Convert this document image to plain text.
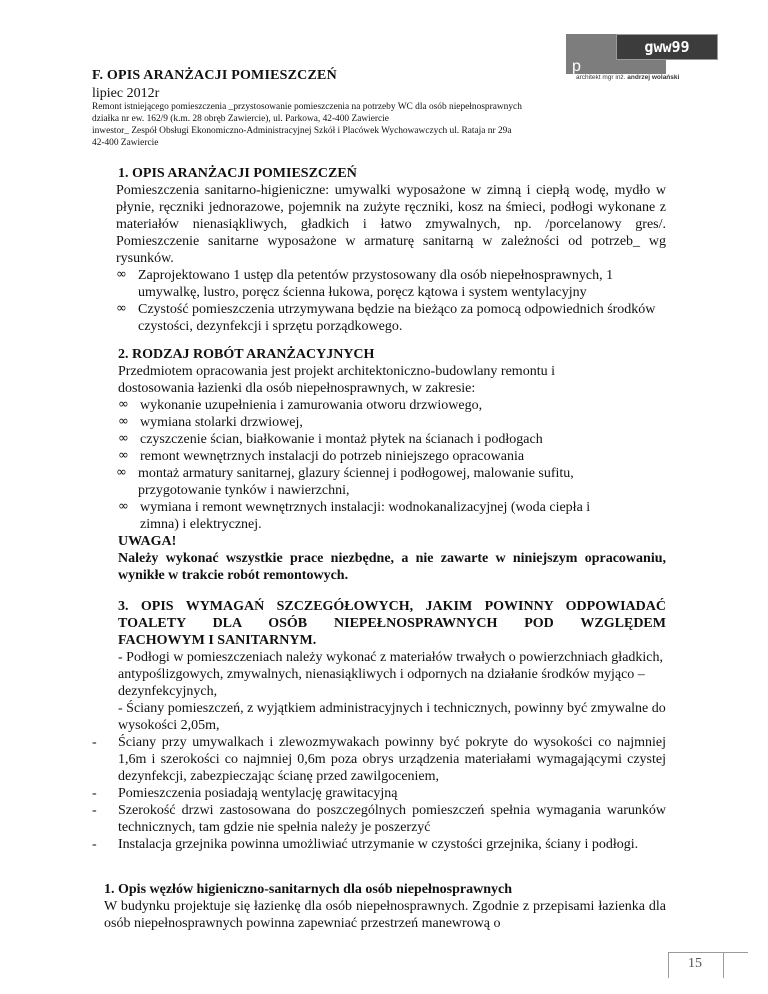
p
gww99
architekt mgr inż. andrzej wolański
F. OPIS ARANŻACJI POMIESZCZEŃ
lipiec 2012r
Remont istniejącego pomieszczenia _przystosowanie pomieszczenia na potrzeby WC dla osób niepełnosprawnych
działka nr ew. 162/9 (k.m. 28 obręb Zawiercie), ul. Parkowa, 42-400 Zawiercie
inwestor_ Zespół Obsługi Ekonomiczno-Administracyjnej Szkół i Placówek Wychowawczych ul. Rataja nr 29a
42-400 Zawiercie
1. OPIS ARANŻACJI POMIESZCZEŃ
Pomieszczenia sanitarno-higieniczne: umywalki wyposażone w zimną i ciepłą wodę, mydło w płynie, ręczniki jednorazowe, pojemnik na zużyte ręczniki, kosz na śmieci, podłogi wykonane z materiałów nienasiąkliwych, gładkich i łatwo zmywalnych, np. /porcelanowy gres/. Pomieszczenie sanitarne wyposażone w armaturę sanitarną w zależności od potrzeb_ wg rysunków.
∞ Zaprojektowano 1 ustęp dla petentów przystosowany dla osób niepełnosprawnych, 1 umywalkę, lustro, poręcz ścienna łukowa, poręcz kątowa i system wentylacyjny
∞ Czystość pomieszczenia utrzymywana będzie na bieżąco za pomocą odpowiednich środków czystości, dezynfekcji i sprzętu porządkowego.
2. RODZAJ ROBÓT ARANŻACYJNYCH
Przedmiotem opracowania jest projekt architektoniczno-budowlany remontu i
dostosowania łazienki dla osób niepełnosprawnych, w zakresie:
∞ wykonanie uzupełnienia i zamurowania otworu drzwiowego,
∞ wymiana stolarki drzwiowej,
∞ czyszczenie ścian, białkowanie i montaż płytek na ścianach i podłogach
∞ remont wewnętrznych instalacji do potrzeb niniejszego opracowania
∞ montaż armatury sanitarnej, glazury ściennej i podłogowej, malowanie sufitu,
przygotowanie tynków i nawierzchni,
∞ wymiana i remont wewnętrznych instalacji: wodnokanalizacyjnej (woda ciepła i
zimna) i elektrycznej.
UWAGA!
Należy wykonać wszystkie prace niezbędne, a nie zawarte w niniejszym opracowaniu, wynikłe w trakcie robót remontowych.
3. OPIS WYMAGAŃ SZCZEGÓŁOWYCH, JAKIM POWINNY ODPOWIADAĆ
TOALETY DLA OSÓB NIEPEŁNOSPRAWNYCH POD WZGLĘDEM
FACHOWYM I SANITARNYM.
- Podłogi w pomieszczeniach należy wykonać z materiałów trwałych o powierzchniach gładkich, antypoślizgowych, zmywalnych, nienasiąkliwych i odpornych na działanie środków myjąco – dezynfekcyjnych,
- Ściany pomieszczeń, z wyjątkiem administracyjnych i technicznych, powinny być zmywalne do wysokości 2,05m,
-	Ściany przy umywalkach i zlewozmywakach powinny być pokryte do wysokości co najmniej 1,6m i szerokości co najmniej 0,6m poza obrys urządzenia materiałami wymagającymi czystej dezynfekcji, zabezpieczając ścianę przed zawilgoceniem,
-	Pomieszczenia posiadają wentylację grawitacyjną
-	Szerokość drzwi zastosowana do poszczególnych pomieszczeń spełnia wymagania warunków technicznych, tam gdzie nie spełnia należy je poszerzyć
-	Instalacja grzejnika powinna umożliwiać utrzymanie w czystości grzejnika, ściany i podłogi.
1. Opis węzłów higieniczno-sanitarnych dla osób niepełnosprawnych
W budynku projektuje się łazienkę dla osób niepełnosprawnych. Zgodnie z przepisami łazienka dla osób niepełnosprawnych powinna zapewniać przestrzeń manewrową o
15
